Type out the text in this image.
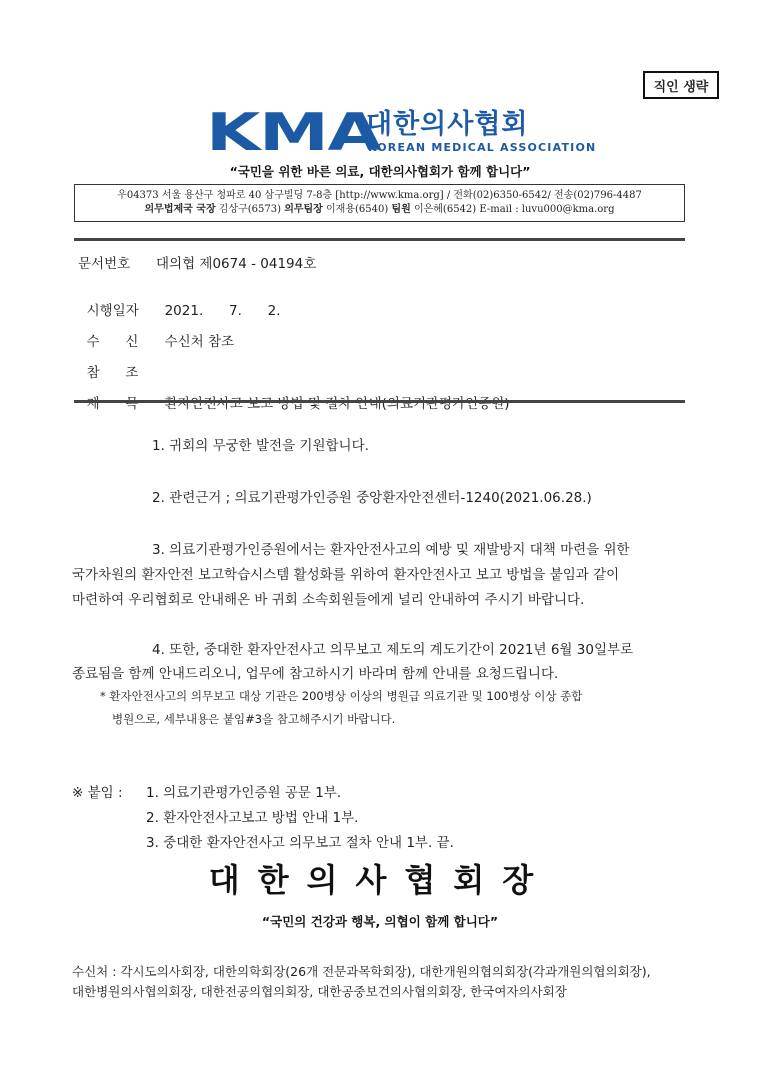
직인 생략
KMA
대한의사협회
KOREAN MEDICAL ASSOCIATION
“국민을 위한 바른 의료, 대한의사협회가 함께 합니다”
우04373 서울 용산구 청파로 40 삼구빌딩 7-8층 [http://www.kma.org] / 전화(02)6350-6542/ 전송(02)796-4487
의무법제국 국장 김상구(6573) 의무팀장 이재용(6540) 팀원 이은혜(6542) E-mail : luvu000@kma.org
문서번호 대의협 제0674 - 04194호

시행일자 2021.      7.      2.

수      신 수신처 참조

참      조

제      목 환자안전사고 보고 방법 및 절차 안내(의료기관평가인증원)

1. 귀회의 무궁한 발전을 기원합니다.
2. 관련근거 ; 의료기관평가인증원 중앙환자안전센터-1240(2021.06.28.)
3. 의료기관평가인증원에서는 환자안전사고의 예방 및 재발방지 대책 마련을 위한
국가차원의 환자안전 보고학습시스템 활성화를 위하여 환자안전사고 보고 방법을 붙임과 같이
마련하여 우리협회로 안내해온 바 귀회 소속회원들에게 널리 안내하여 주시기 바랍니다.
4. 또한, 중대한 환자안전사고 의무보고 제도의 계도기간이 2021년 6월 30일부로
종료됨을 함께 안내드리오니, 업무에 참고하시기 바라며 함께 안내를 요청드립니다.
* 환자안전사고의 의무보고 대상 기관은 200병상 이상의 병원급 의료기관 및 100병상 이상 종합
병원으로, 세부내용은 붙임#3을 참고해주시기 바랍니다.
※ 붙임 : 1. 의료기관평가인증원 공문 1부.
2. 환자안전사고보고 방법 안내 1부.
3. 중대한 환자안전사고 의무보고 절차 안내 1부. 끝.
대한의사협회장
“국민의 건강과 행복, 의협이 함께 합니다”
수신처 : 각시도의사회장, 대한의학회장(26개 전문과목학회장), 대한개원의협의회장(각과개원의협의회장),
대한병원의사협의회장, 대한전공의협의회장, 대한공중보건의사협의회장, 한국여자의사회장
